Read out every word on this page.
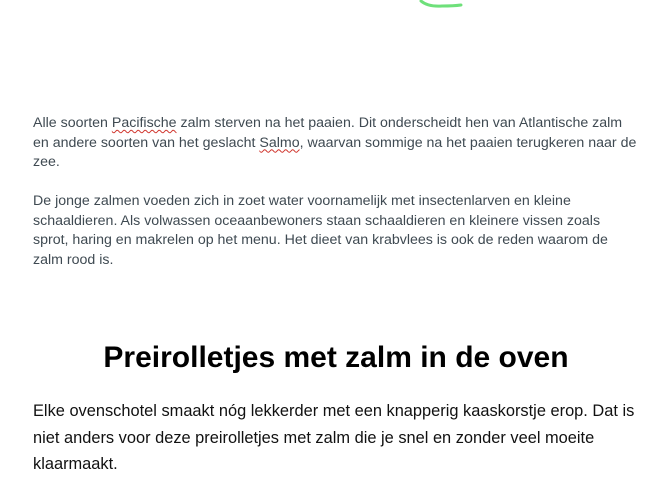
Alle soorten Pacifische zalm sterven na het paaien. Dit onderscheidt hen van Atlantische zalm en andere soorten van het geslacht Salmo, waarvan sommige na het paaien terugkeren naar de zee.

De jonge zalmen voeden zich in zoet water voornamelijk met insectenlarven en kleine schaaldieren. Als volwassen oceaanbewoners staan schaaldieren en kleinere vissen zoals sprot, haring en makrelen op het menu. Het dieet van krabvlees is ook de reden waarom de zalm rood is.

Preirolletjes met zalm in de oven

Elke ovenschotel smaakt nóg lekkerder met een knapperig kaaskorstje erop. Dat is niet anders voor deze preirolletjes met zalm die je snel en zonder veel moeite klaarmaakt.
